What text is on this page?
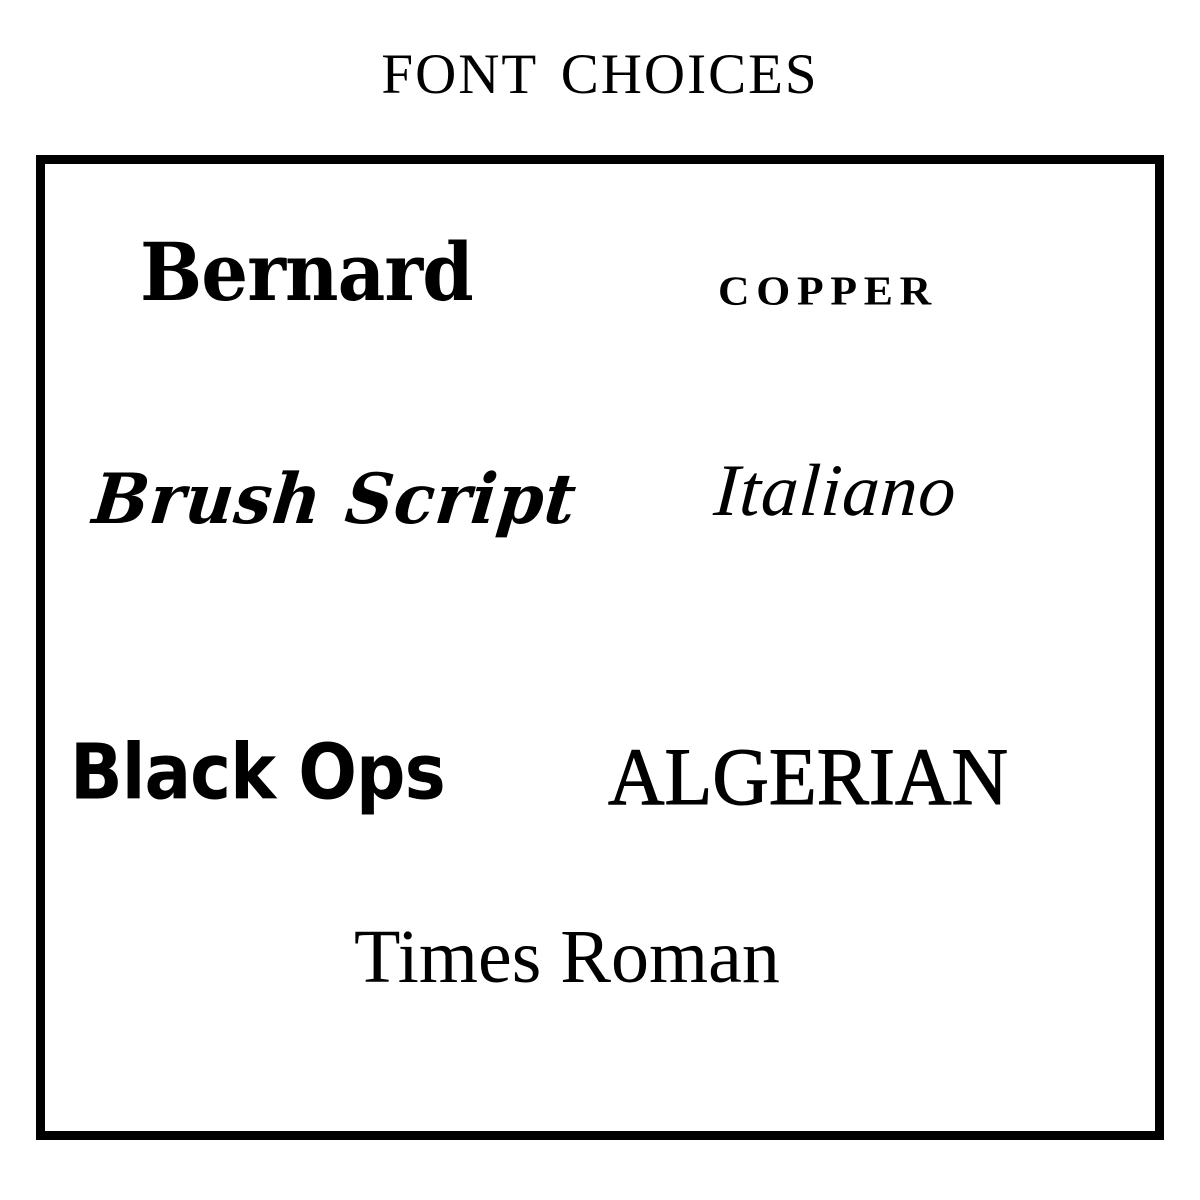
font choices
Bernard	copper
Brush Script Italiano
Black Ops ALGERIAN
Times Roman
